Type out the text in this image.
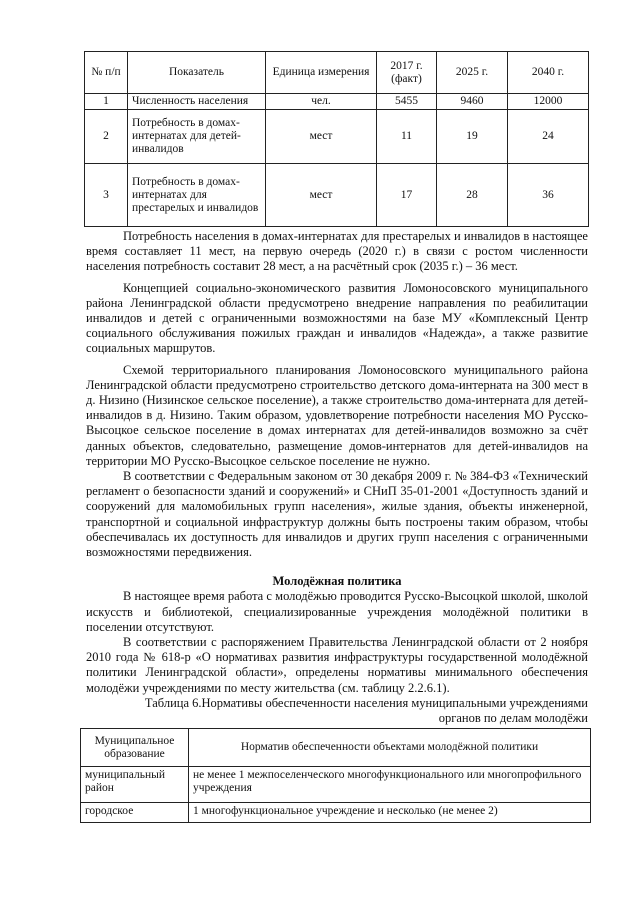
№ п/п	Показатель	Единица измерения	2017 г. (факт)	2025 г.	2040 г.
1	Численность населения	чел.	5455	9460	12000
2	Потребность в домах-интернатах для детей-инвалидов	мест	11	19	24
3	Потребность в домах-интернатах для престарелых и инвалидов	мест	17	28	36

Потребность населения в домах-интернатах для престарелых и инвалидов в настоящее время составляет 11 мест, на первую очередь (2020 г.) в связи с ростом численности населения потребность составит 28 мест, а на расчётный срок (2035 г.) – 36 мест.

Концепцией социально-экономического развития Ломоносовского муниципального района Ленинградской области предусмотрено внедрение направления по реабилитации инвалидов и детей с ограниченными возможностями на базе МУ «Комплексный Центр социального обслуживания пожилых граждан и инвалидов «Надежда», а также развитие социальных маршрутов.

Схемой территориального планирования Ломоносовского муниципального района Ленинградской области предусмотрено строительство детского дома-интерната на 300 мест в д. Низино (Низинское сельское поселение), а также строительство дома-интерната для детей-инвалидов в д. Низино. Таким образом, удовлетворение потребности населения МО Русско-Высоцкое сельское поселение в домах интернатах для детей-инвалидов возможно за счёт данных объектов, следовательно, размещение домов-интернатов для детей-инвалидов на территории МО Русско-Высоцкое сельское поселение не нужно.

В соответствии с Федеральным законом от 30 декабря 2009 г. № 384-ФЗ «Технический регламент о безопасности зданий и сооружений» и СНиП 35-01-2001 «Доступность зданий и сооружений для маломобильных групп населения», жилые здания, объекты инженерной, транспортной и социальной инфраструктур должны быть построены таким образом, чтобы обеспечивалась их доступность для инвалидов и других групп населения с ограниченными возможностями передвижения.

Молодёжная политика

В настоящее время работа с молодёжью проводится Русско-Высоцкой школой, школой искусств и библиотекой, специализированные учреждения молодёжной политики в поселении отсутствуют.

В соответствии с распоряжением Правительства Ленинградской области от 2 ноября 2010 года № 618-р «О нормативах развития инфраструктуры государственной молодёжной политики Ленинградской области», определены нормативы минимального обеспечения молодёжи учреждениями по месту жительства (см. таблицу 2.2.6.1).

Таблица 6.Нормативы обеспеченности населения муниципальными учреждениями
органов по делам молодёжи
Муниципальное образование	Норматив обеспеченности объектами молодёжной политики
муниципальный район	не менее 1 межпоселенческого многофункционального или многопрофильного учреждения
городское	1 многофункциональное учреждение и несколько (не менее 2)
